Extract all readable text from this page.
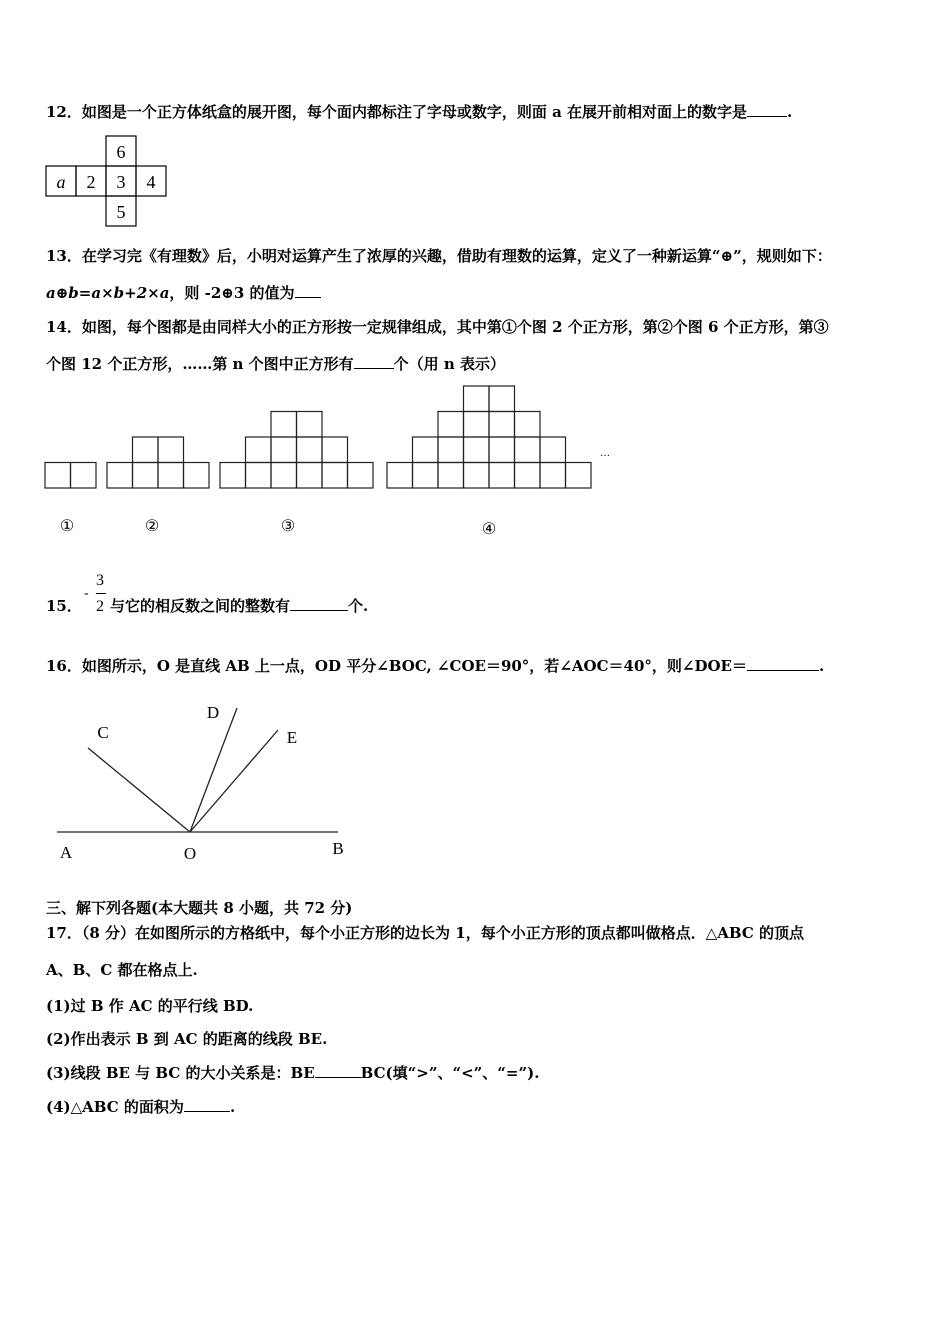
12．如图是一个正方体纸盒的展开图，每个面内都标注了字母或数字，则面 a 在展开前相对面上的数字是	.
6
a 2 3 4
5
…
①	②	③	④
A	O	B
C
D
E
13．在学习完《有理数》后，小明对运算产生了浓厚的兴趣，借助有理数的运算，定义了一种新运算“⊕”，规则如下：
a⊕b=a×b+2×a，则 -2⊕3 的值为
14．如图，每个图都是由同样大小的正方形按一定规律组成，其中第①个图 2 个正方形，第②个图 6 个正方形，第③
个图 12 个正方形，……第 n 个图中正方形有	个（用 n 表示）
15．
-
3
2 与它的相反数之间的整数有	个.
16．如图所示，O 是直线 AB 上一点，OD 平分∠BOC, ∠COE＝90°，若∠AOC＝40°，则∠DOE＝	.
三、解下列各题(本大题共 8 小题，共 72 分)
17．（8 分）在如图所示的方格纸中，每个小正方形的边长为 1，每个小正方形的顶点都叫做格点．△ABC 的顶点
A、B、C 都在格点上.
(1)过 B 作 AC 的平行线 BD.
(2)作出表示 B 到 AC 的距离的线段 BE.
(3)线段 BE 与 BC 的大小关系是：BE	BC(填“>”、“<”、“=”).
(4)△ABC 的面积为	.
